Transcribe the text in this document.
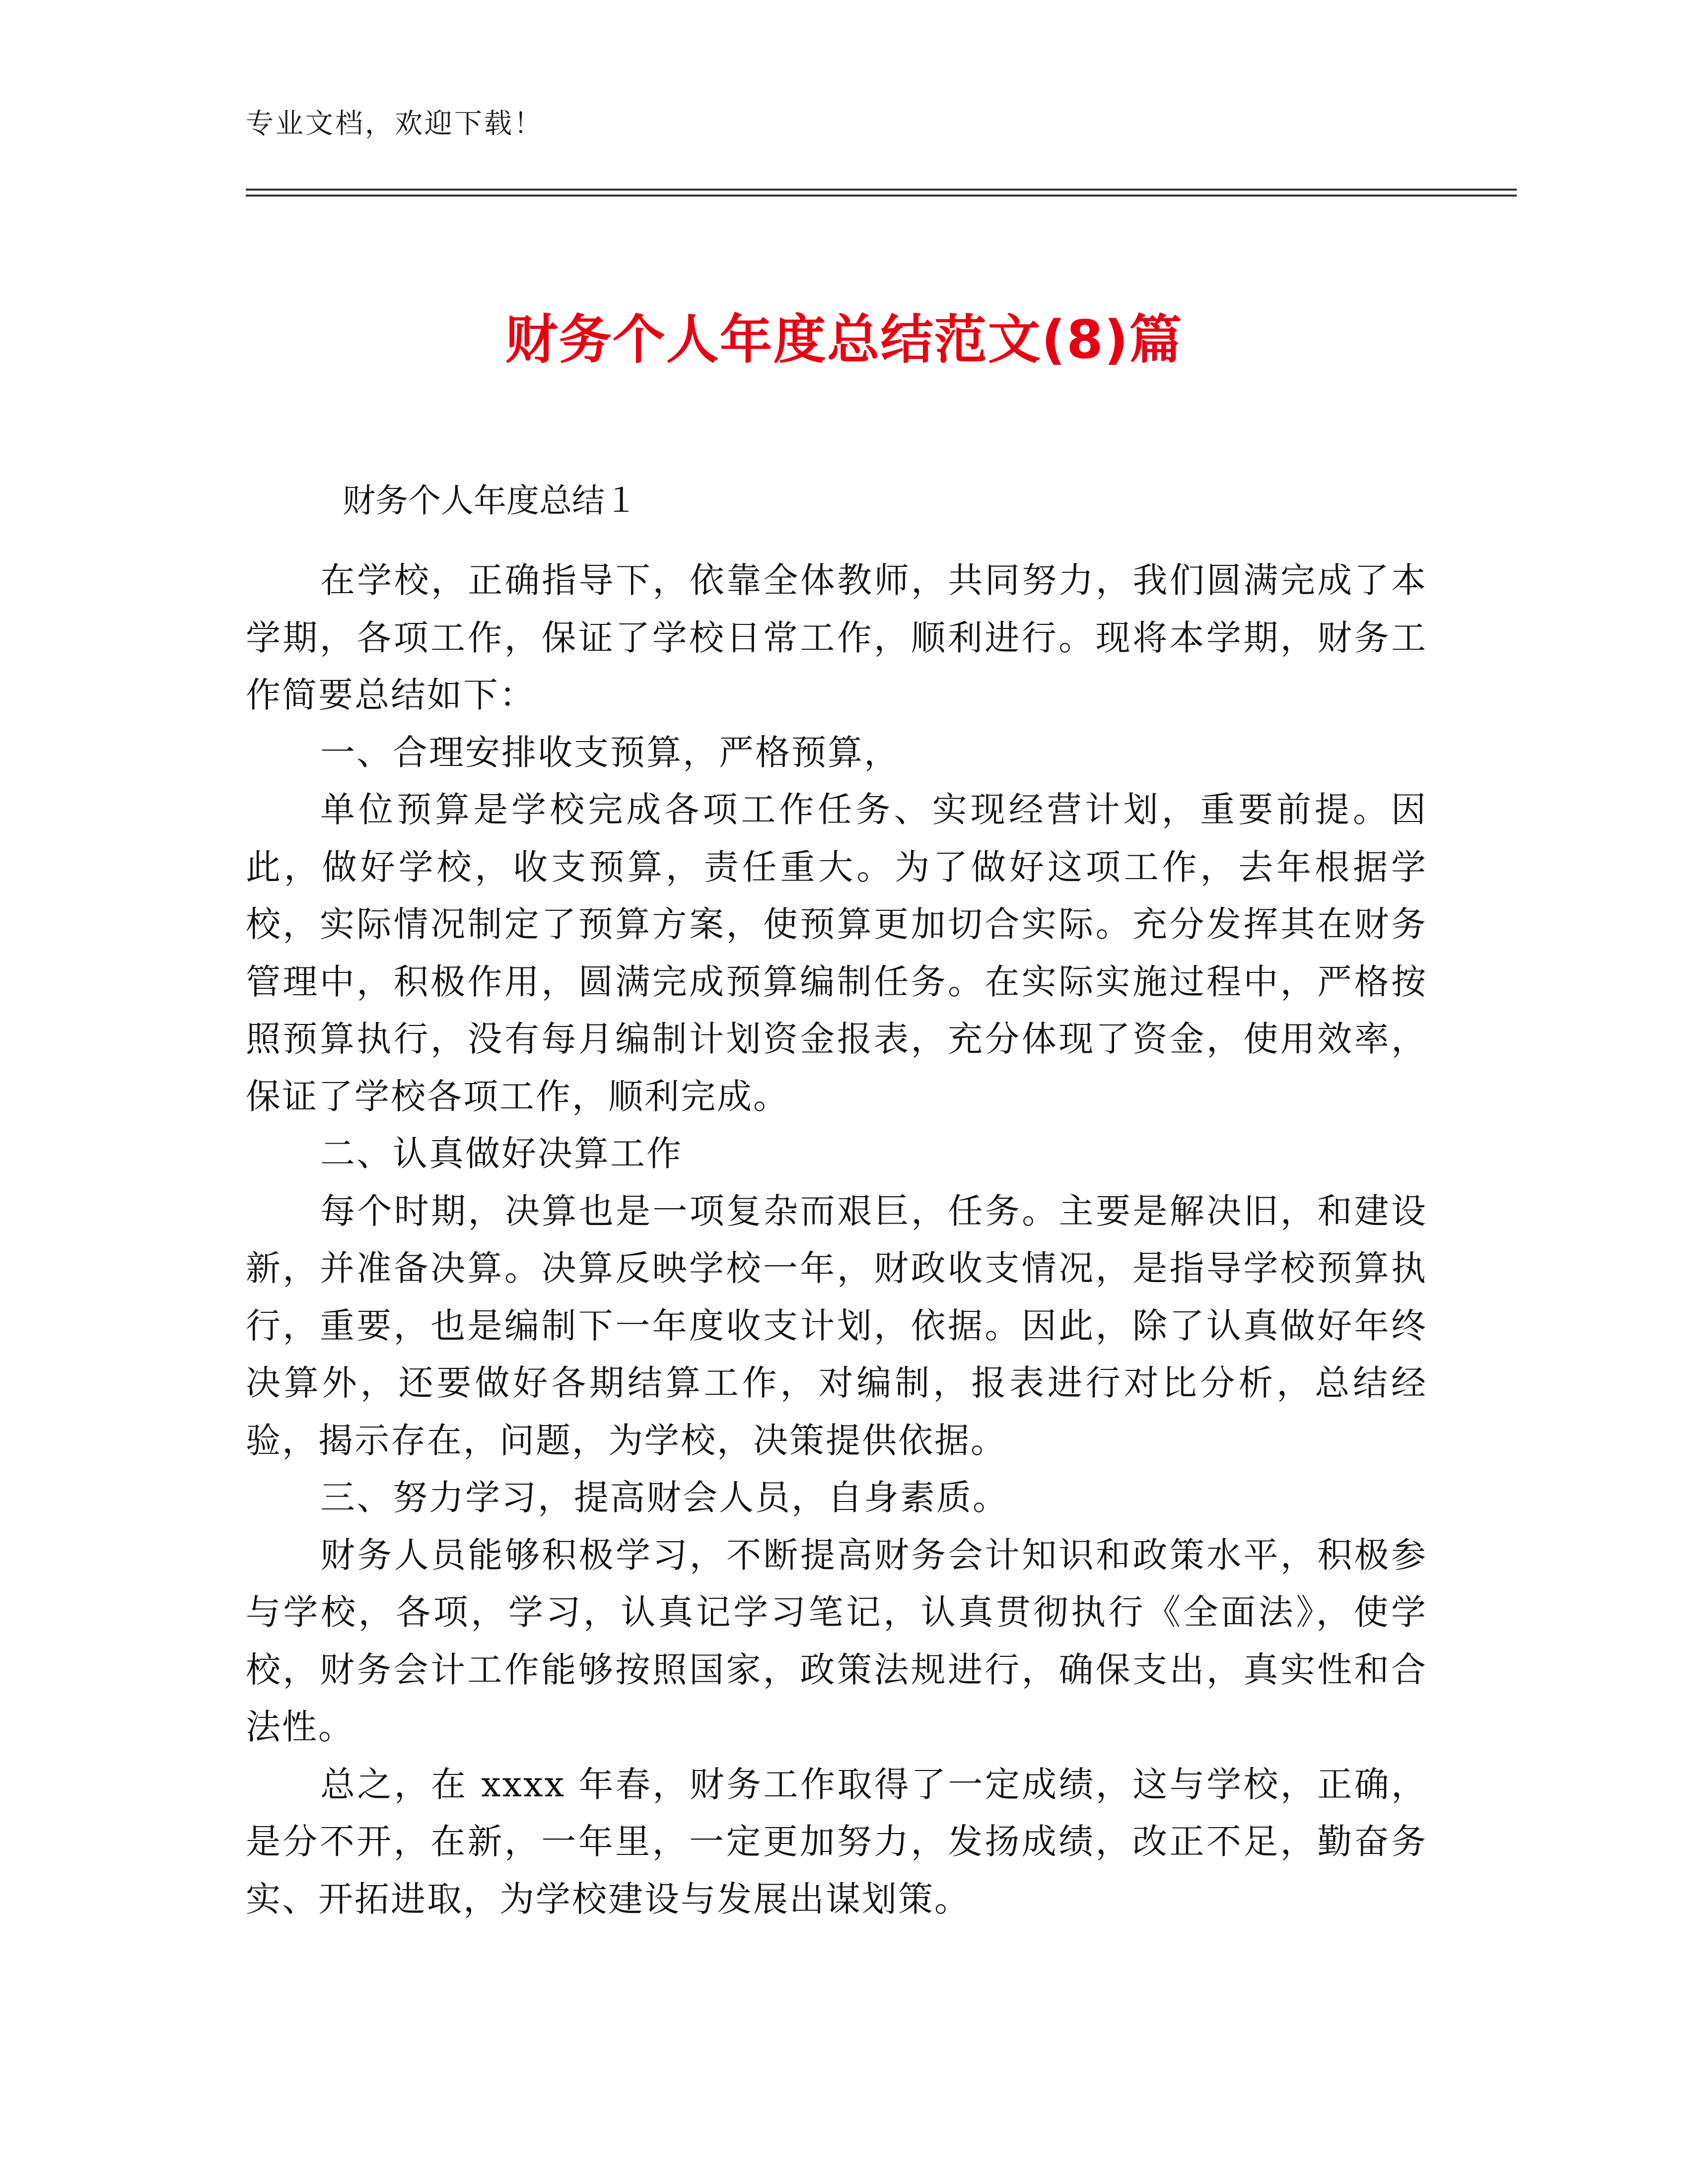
专业文档，欢迎下载！
财务个人年度总结范文(8)篇
财务个人年度总结１

在学校，正确指导下，依靠全体教师，共同努力，我们圆满完成了本学期，各项工作，保证了学校日常工作，顺利进行。现将本学期，财务工作简要总结如下：

一、合理安排收支预算，严格预算，

单位预算是学校完成各项工作任务、实现经营计划，重要前提。因此，做好学校，收支预算，责任重大。为了做好这项工作，去年根据学校，实际情况制定了预算方案，使预算更加切合实际。充分发挥其在财务管理中，积极作用，圆满完成预算编制任务。在实际实施过程中，严格按照预算执行，没有每月编制计划资金报表，充分体现了资金，使用效率，保证了学校各项工作，顺利完成。

二、认真做好决算工作

每个时期，决算也是一项复杂而艰巨，任务。主要是解决旧，和建设新，并准备决算。决算反映学校一年，财政收支情况，是指导学校预算执行，重要，也是编制下一年度收支计划，依据。因此，除了认真做好年终决算外，还要做好各期结算工作，对编制，报表进行对比分析，总结经验，揭示存在，问题，为学校，决策提供依据。

三、努力学习，提高财会人员，自身素质。

财务人员能够积极学习，不断提高财务会计知识和政策水平，积极参与学校，各项，学习，认真记学习笔记，认真贯彻执行《全面法》，使学校，财务会计工作能够按照国家，政策法规进行，确保支出，真实性和合法性。

总之，在 xxxx 年春，财务工作取得了一定成绩，这与学校，正确，是分不开，在新，一年里，一定更加努力，发扬成绩，改正不足，勤奋务实、开拓进取，为学校建设与发展出谋划策。
